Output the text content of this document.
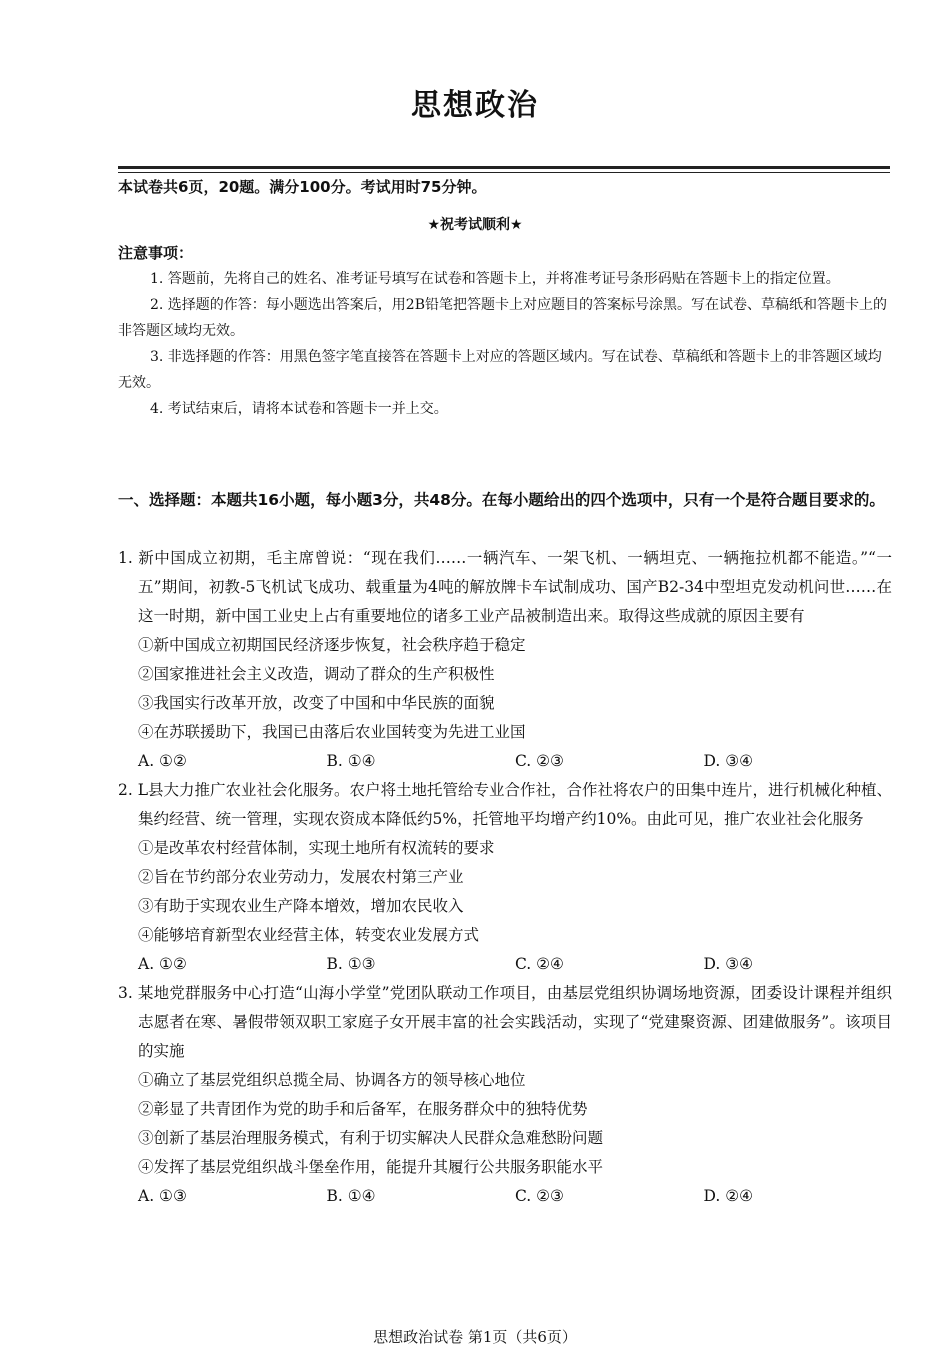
思想政治
本试卷共6页，20题。满分100分。考试用时75分钟。
★祝考试顺利★
注意事项：

1. 答题前，先将自己的姓名、准考证号填写在试卷和答题卡上，并将准考证号条形码贴在答题卡上的指定位置。

2. 选择题的作答：每小题选出答案后，用2B铅笔把答题卡上对应题目的答案标号涂黑。写在试卷、草稿纸和答题卡上的非答题区域均无效。

3. 非选择题的作答：用黑色签字笔直接答在答题卡上对应的答题区域内。写在试卷、草稿纸和答题卡上的非答题区域均无效。

4. 考试结束后，请将本试卷和答题卡一并上交。

一、选择题：本题共16小题，每小题3分，共48分。在每小题给出的四个选项中，只有一个是符合题目要求的。
1. 新中国成立初期，毛主席曾说：“现在我们……一辆汽车、一架飞机、一辆坦克、一辆拖拉机都不能造。”“一五”期间，初教-5飞机试飞成功、载重量为4吨的解放牌卡车试制成功、国产B2-34中型坦克发动机问世……在这一时期，新中国工业史上占有重要地位的诸多工业产品被制造出来。取得这些成就的原因主要有
①新中国成立初期国民经济逐步恢复，社会秩序趋于稳定
②国家推进社会主义改造，调动了群众的生产积极性
③我国实行改革开放，改变了中国和中华民族的面貌
④在苏联援助下，我国已由落后农业国转变为先进工业国
A. ①②	B. ①④	C. ②③	D. ③④
2. L县大力推广农业社会化服务。农户将土地托管给专业合作社，合作社将农户的田集中连片，进行机械化种植、集约经营、统一管理，实现农资成本降低约5%，托管地平均增产约10%。由此可见，推广农业社会化服务
①是改革农村经营体制，实现土地所有权流转的要求
②旨在节约部分农业劳动力，发展农村第三产业
③有助于实现农业生产降本增效，增加农民收入
④能够培育新型农业经营主体，转变农业发展方式
A. ①②	B. ①③	C. ②④	D. ③④
3. 某地党群服务中心打造“山海小学堂”党团队联动工作项目，由基层党组织协调场地资源，团委设计课程并组织志愿者在寒、暑假带领双职工家庭子女开展丰富的社会实践活动，实现了“党建聚资源、团建做服务”。该项目的实施
①确立了基层党组织总揽全局、协调各方的领导核心地位
②彰显了共青团作为党的助手和后备军，在服务群众中的独特优势
③创新了基层治理服务模式，有利于切实解决人民群众急难愁盼问题
④发挥了基层党组织战斗堡垒作用，能提升其履行公共服务职能水平
A. ①③	B. ①④	C. ②③	D. ②④
思想政治试卷 第1页（共6页）
